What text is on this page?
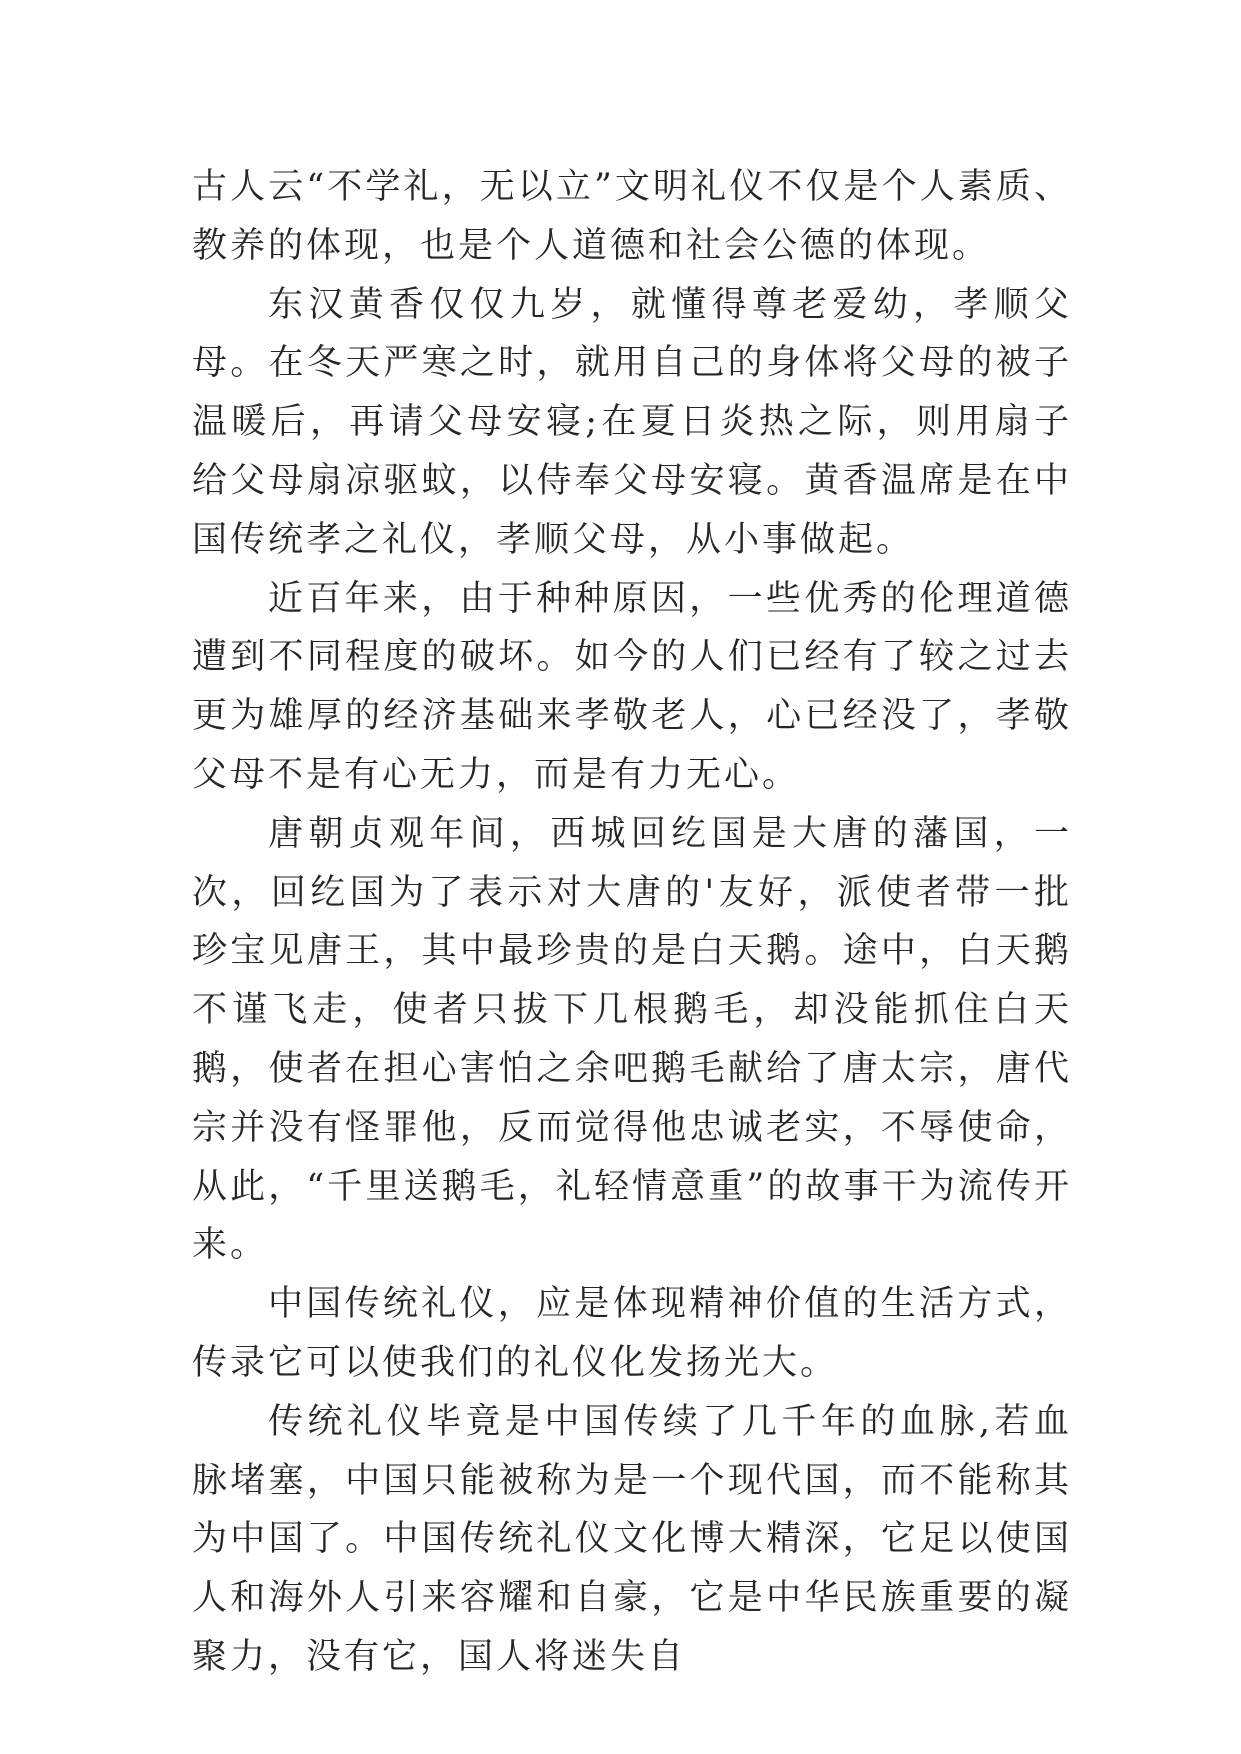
古人云“不学礼，无以立”文明礼仪不仅是个人素质、教养的体现，也是个人道德和社会公德的体现。

东汉黄香仅仅九岁，就懂得尊老爱幼，孝顺父母。在冬天严寒之时，就用自己的身体将父母的被子温暖后，再请父母安寝;在夏日炎热之际，则用扇子给父母扇凉驱蚊，以侍奉父母安寝。黄香温席是在中国传统孝之礼仪，孝顺父母，从小事做起。

近百年来，由于种种原因，一些优秀的伦理道德遭到不同程度的破坏。如今的人们已经有了较之过去更为雄厚的经济基础来孝敬老人，心已经没了，孝敬父母不是有心无力，而是有力无心。

唐朝贞观年间，西城回纥国是大唐的藩国，一次，回纥国为了表示对大唐的'友好，派使者带一批珍宝见唐王，其中最珍贵的是白天鹅。途中，白天鹅不谨飞走，使者只拔下几根鹅毛，却没能抓住白天鹅，使者在担心害怕之余吧鹅毛献给了唐太宗，唐代宗并没有怪罪他，反而觉得他忠诚老实，不辱使命，从此，“千里送鹅毛，礼轻情意重”的故事干为流传开来。

中国传统礼仪，应是体现精神价值的生活方式，传录它可以使我们的礼仪化发扬光大。

传统礼仪毕竟是中国传续了几千年的血脉,若血脉堵塞，中国只能被称为是一个现代国，而不能称其为中国了。中国传统礼仪文化博大精深，它足以使国人和海外人引来容耀和自豪，它是中华民族重要的凝聚力，没有它，国人将迷失自
